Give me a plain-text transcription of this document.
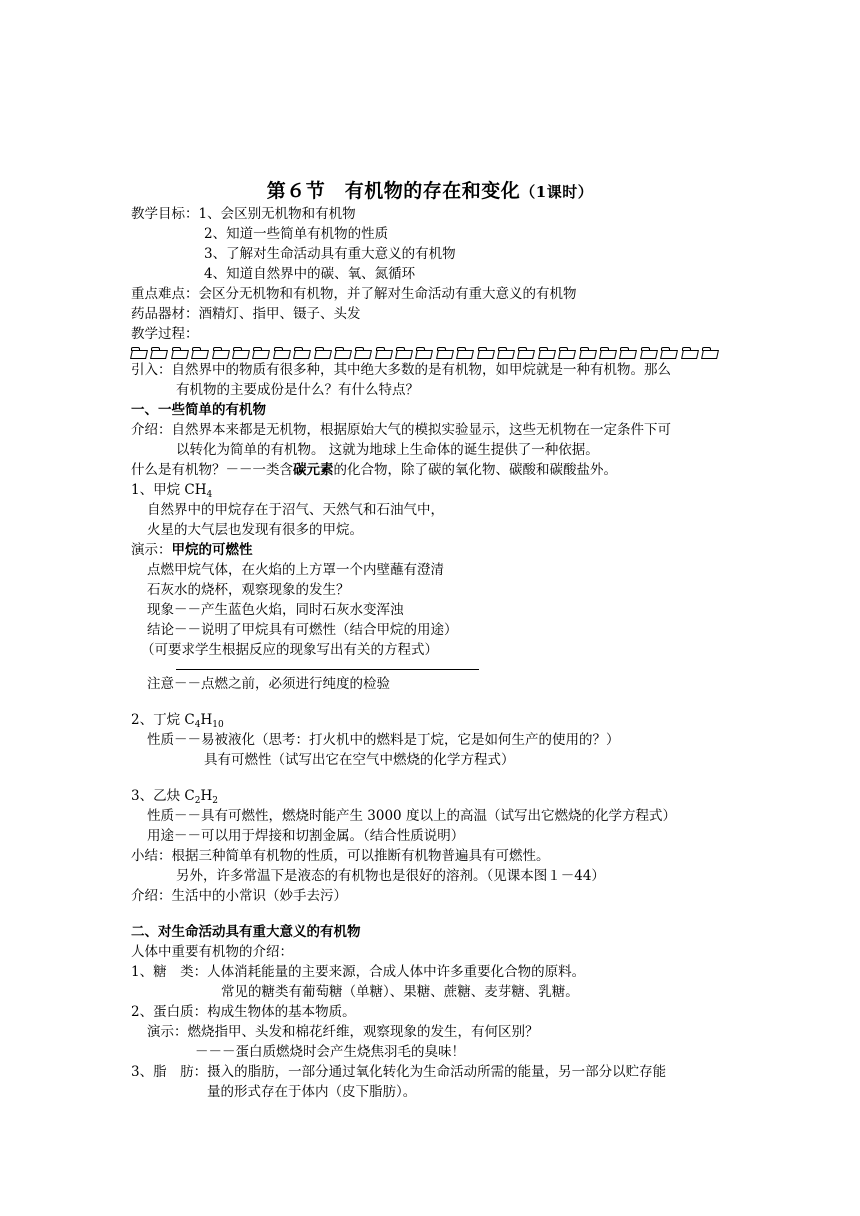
第６节　有机物的存在和变化（1课时）
教学目标：1、会区别无机物和有机物
2、知道一些简单有机物的性质
3、了解对生命活动具有重大意义的有机物
4、知道自然界中的碳、氧、氮循环
重点难点：会区分无机物和有机物，并了解对生命活动有重大意义的有机物
药品器材：酒精灯、指甲、镊子、头发
教学过程：
引入：自然界中的物质有很多种，其中绝大多数的是有机物，如甲烷就是一种有机物。那么
有机物的主要成份是什么？有什么特点？
一、一些简单的有机物
介绍：自然界本来都是无机物，根据原始大气的模拟实验显示，这些无机物在一定条件下可
以转化为简单的有机物。 这就为地球上生命体的诞生提供了一种依据。
什么是有机物？－－一类含碳元素的化合物，除了碳的氧化物、碳酸和碳酸盐外。
1、甲烷 $CH_4$
自然界中的甲烷存在于沼气、天然气和石油气中，
火星的大气层也发现有很多的甲烷。
演示：甲烷的可燃性
点燃甲烷气体，在火焰的上方罩一个内壁蘸有澄清
石灰水的烧杯，观察现象的发生？
现象－－产生蓝色火焰，同时石灰水变浑浊
结论－－说明了甲烷具有可燃性（结合甲烷的用途）
（可要求学生根据反应的现象写出有关的方程式）
注意－－点燃之前，必须进行纯度的检验
2、丁烷 $C_4H_{10}$
性质－－易被液化（思考：打火机中的燃料是丁烷，它是如何生产的使用的？）
具有可燃性（试写出它在空气中燃烧的化学方程式）
3、乙炔 $C_2H_2$
性质－－具有可燃性，燃烧时能产生 3000 度以上的高温（试写出它燃烧的化学方程式）
用途－－可以用于焊接和切割金属。（结合性质说明）
小结：根据三种简单有机物的性质，可以推断有机物普遍具有可燃性。
另外，许多常温下是液态的有机物也是很好的溶剂。（见课本图１－44）
介绍：生活中的小常识（妙手去污）
二、对生命活动具有重大意义的有机物
人体中重要有机物的介绍：
1、糖　类：人体消耗能量的主要来源，合成人体中许多重要化合物的原料。
常见的糖类有葡萄糖（单糖）、果糖、蔗糖、麦芽糖、乳糖。
2、蛋白质：构成生物体的基本物质。
演示：燃烧指甲、头发和棉花纤维，观察现象的发生，有何区别？
－－－蛋白质燃烧时会产生烧焦羽毛的臭味！
3、脂　肪：摄入的脂肪，一部分通过氧化转化为生命活动所需的能量，另一部分以贮存能
量的形式存在于体内（皮下脂肪）。
